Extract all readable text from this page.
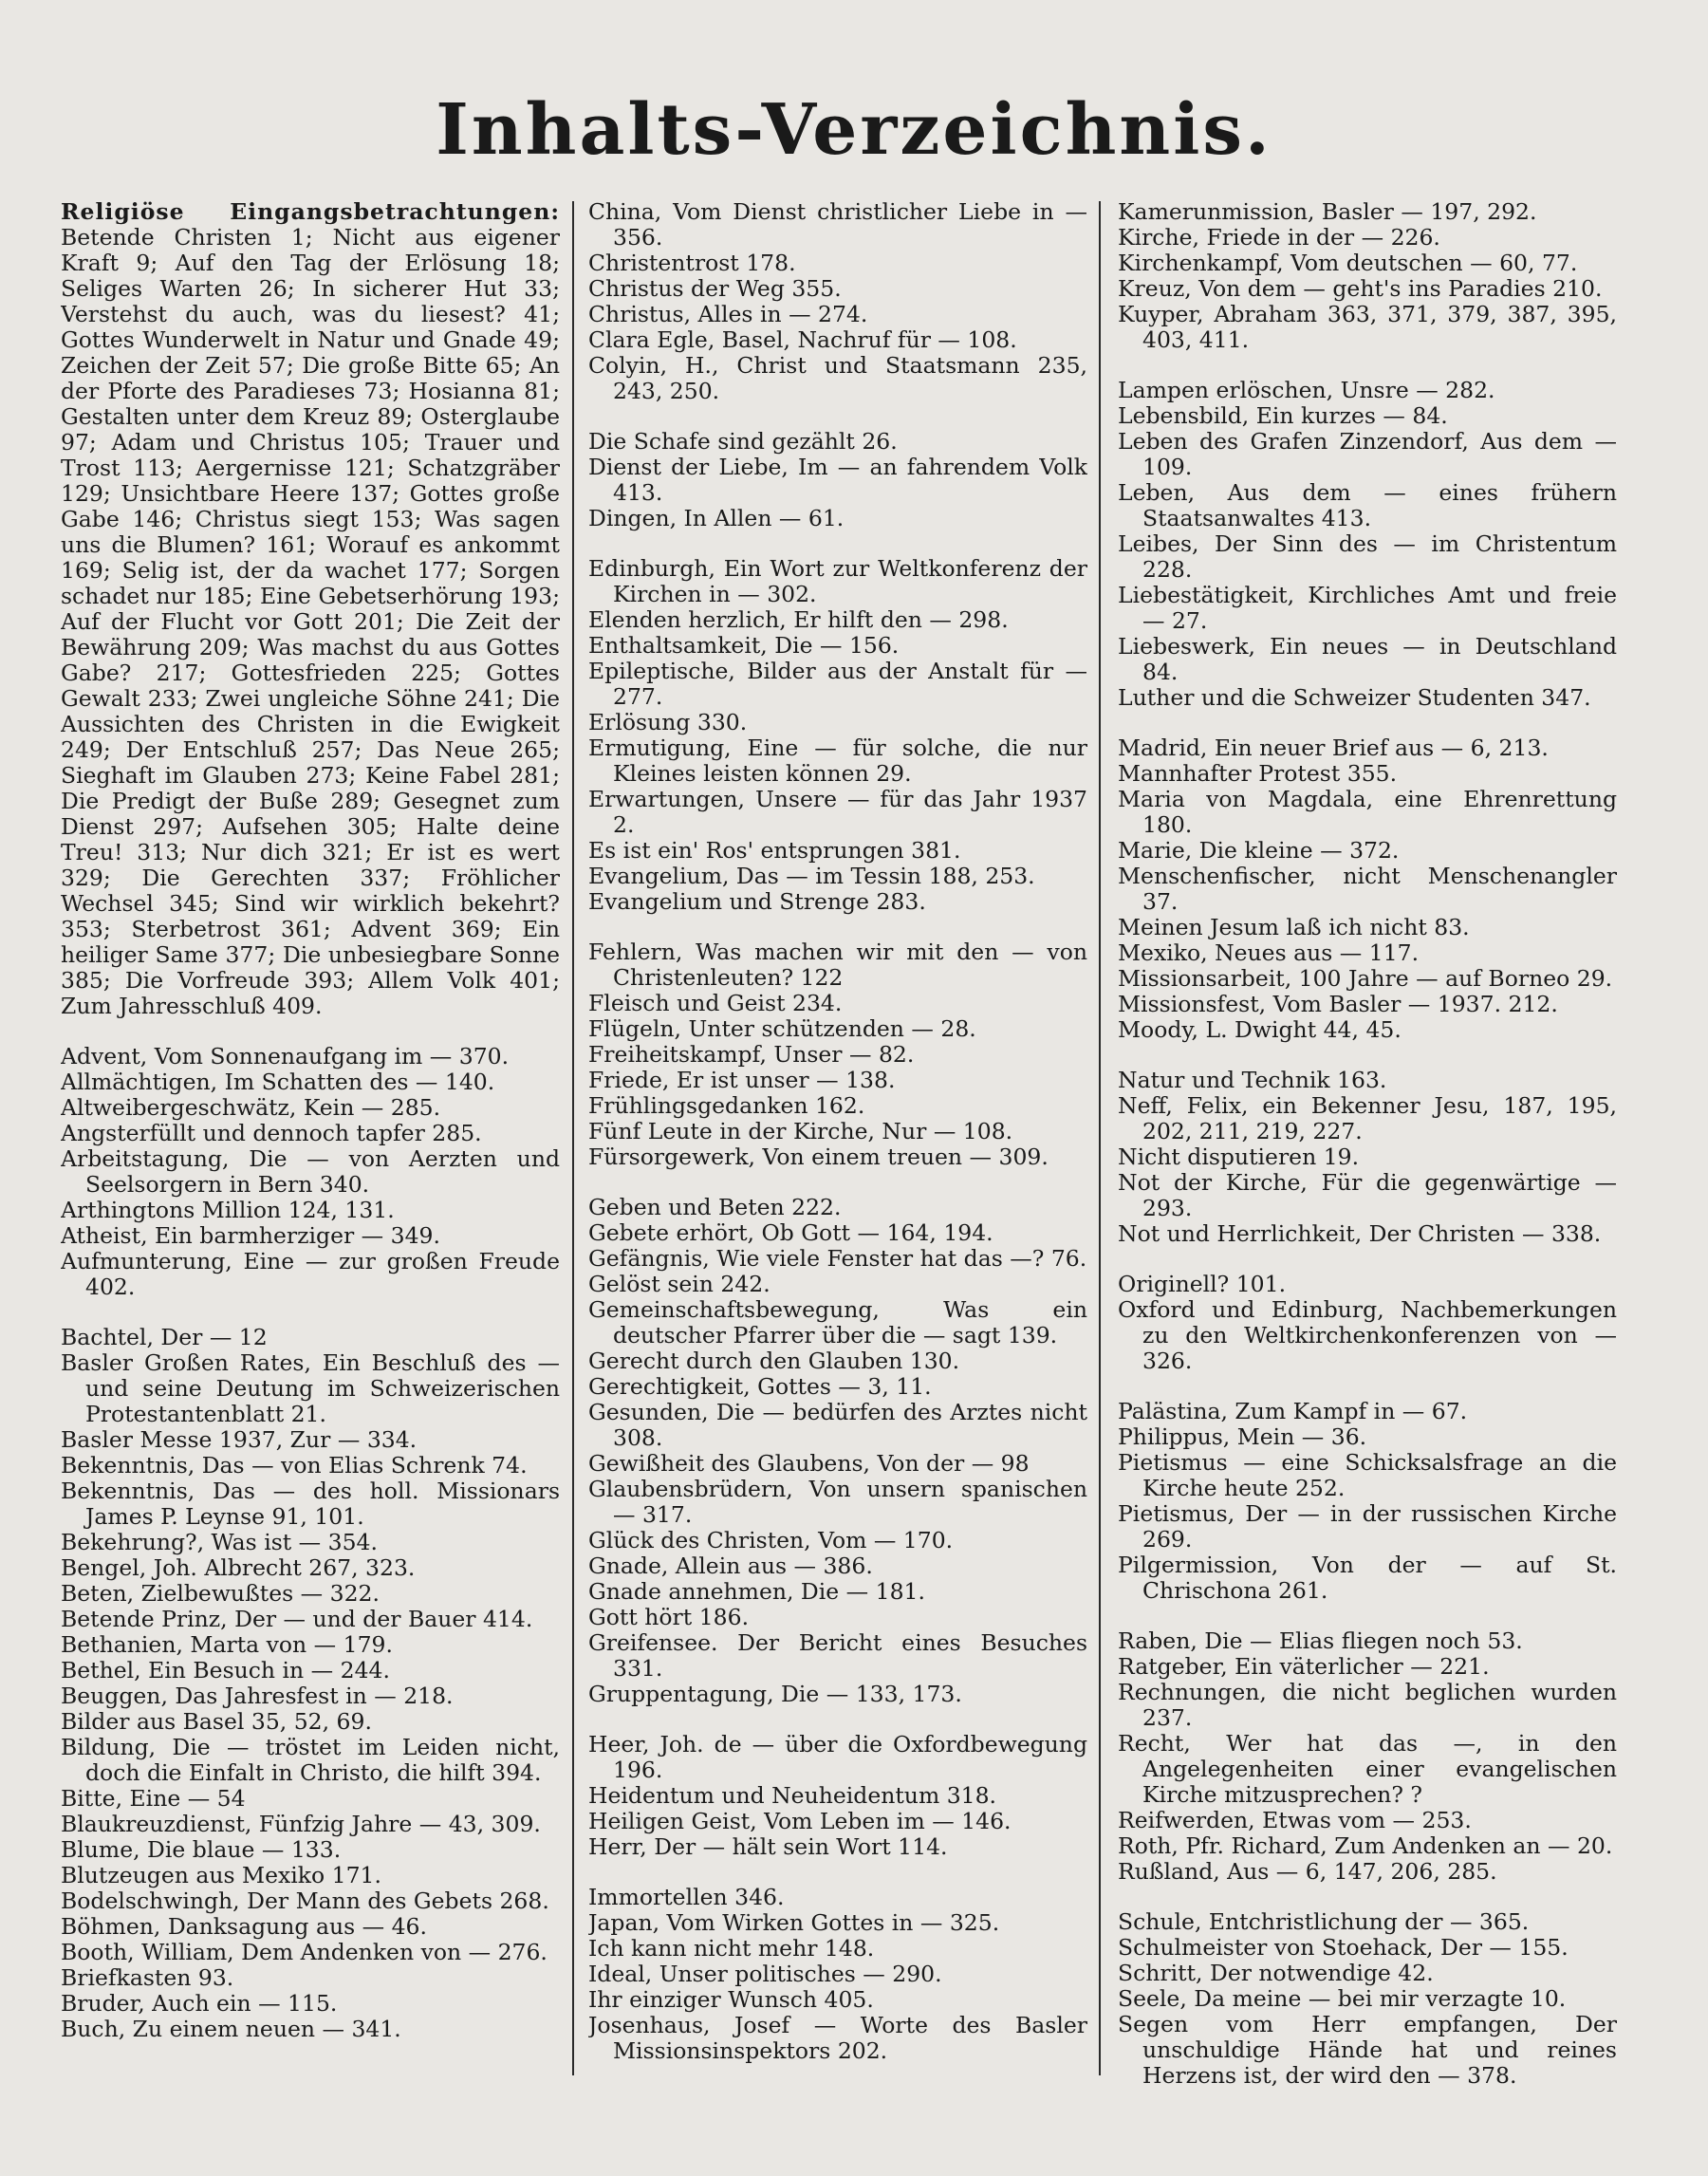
Inhalts-Verzeichnis.

Religiöse Eingangsbetrachtungen: Betende Christen 1; Nicht aus eigener Kraft 9; Auf den Tag der Erlösung 18; Seliges Warten 26; In sicherer Hut 33; Verstehst du auch, was du liesest? 41; Gottes Wunderwelt in Natur und Gnade 49; Zeichen der Zeit 57; Die große Bitte 65; An der Pforte des Paradieses 73; Hosianna 81; Gestalten unter dem Kreuz 89; Osterglaube 97; Adam und Christus 105; Trauer und Trost 113; Aergernisse 121; Schatzgräber 129; Unsichtbare Heere 137; Gottes große Gabe 146; Christus siegt 153; Was sagen uns die Blumen? 161; Worauf es ankommt 169; Selig ist, der da wachet 177; Sorgen schadet nur 185; Eine Gebetserhörung 193; Auf der Flucht vor Gott 201; Die Zeit der Bewährung 209; Was machst du aus Gottes Gabe? 217; Gottesfrieden 225; Gottes Gewalt 233; Zwei ungleiche Söhne 241; Die Aussichten des Christen in die Ewigkeit 249; Der Entschluß 257; Das Neue 265; Sieghaft im Glauben 273; Keine Fabel 281; Die Predigt der Buße 289; Gesegnet zum Dienst 297; Aufsehen 305; Halte deine Treu! 313; Nur dich 321; Er ist es wert 329; Die Gerechten 337; Fröhlicher Wechsel 345; Sind wir wirklich bekehrt? 353; Sterbetrost 361; Advent 369; Ein heiliger Same 377; Die unbesiegbare Sonne 385; Die Vorfreude 393; Allem Volk 401; Zum Jahresschluß 409.

Advent, Vom Sonnenaufgang im — 370.

Allmächtigen, Im Schatten des — 140.

Altweibergeschwätz, Kein — 285.

Angsterfüllt und dennoch tapfer 285.

Arbeitstagung, Die — von Aerzten und Seelsorgern in Bern 340.

Arthingtons Million 124, 131.

Atheist, Ein barmherziger — 349.

Aufmunterung, Eine — zur großen Freude 402.

Bachtel, Der — 12

Basler Großen Rates, Ein Beschluß des — und seine Deutung im Schweizerischen Protestantenblatt 21.

Basler Messe 1937, Zur — 334.

Bekenntnis, Das — von Elias Schrenk 74.

Bekenntnis, Das — des holl. Missionars James P. Leynse 91, 101.

Bekehrung?, Was ist — 354.

Bengel, Joh. Albrecht 267, 323.

Beten, Zielbewußtes — 322.

Betende Prinz, Der — und der Bauer 414.

Bethanien, Marta von — 179.

Bethel, Ein Besuch in — 244.

Beuggen, Das Jahresfest in — 218.

Bilder aus Basel 35, 52, 69.

Bildung, Die — tröstet im Leiden nicht, doch die Einfalt in Christo, die hilft 394.

Bitte, Eine — 54

Blaukreuzdienst, Fünfzig Jahre — 43, 309.

Blume, Die blaue — 133.

Blutzeugen aus Mexiko 171.

Bodelschwingh, Der Mann des Gebets 268.

Böhmen, Danksagung aus — 46.

Booth, William, Dem Andenken von — 276.

Briefkasten 93.

Bruder, Auch ein — 115.

Buch, Zu einem neuen — 341.

China, Vom Dienst christlicher Liebe in — 356.

Christentrost 178.

Christus der Weg 355.

Christus, Alles in — 274.

Clara Egle, Basel, Nachruf für — 108.

Colyin, H., Christ und Staatsmann 235, 243, 250.

Die Schafe sind gezählt 26.

Dienst der Liebe, Im — an fahrendem Volk 413.

Dingen, In Allen — 61.

Edinburgh, Ein Wort zur Weltkonferenz der Kirchen in — 302.

Elenden herzlich, Er hilft den — 298.

Enthaltsamkeit, Die — 156.

Epileptische, Bilder aus der Anstalt für — 277.

Erlösung 330.

Ermutigung, Eine — für solche, die nur Kleines leisten können 29.

Erwartungen, Unsere — für das Jahr 1937 2.

Es ist ein' Ros' entsprungen 381.

Evangelium, Das — im Tessin 188, 253.

Evangelium und Strenge 283.

Fehlern, Was machen wir mit den — von Christenleuten? 122

Fleisch und Geist 234.

Flügeln, Unter schützenden — 28.

Freiheitskampf, Unser — 82.

Friede, Er ist unser — 138.

Frühlingsgedanken 162.

Fünf Leute in der Kirche, Nur — 108.

Fürsorgewerk, Von einem treuen — 309.

Geben und Beten 222.

Gebete erhört, Ob Gott — 164, 194.

Gefängnis, Wie viele Fenster hat das —? 76.

Gelöst sein 242.

Gemeinschaftsbewegung, Was ein deutscher Pfarrer über die — sagt 139.

Gerecht durch den Glauben 130.

Gerechtigkeit, Gottes — 3, 11.

Gesunden, Die — bedürfen des Arztes nicht 308.

Gewißheit des Glaubens, Von der — 98

Glaubensbrüdern, Von unsern spanischen — 317.

Glück des Christen, Vom — 170.

Gnade, Allein aus — 386.

Gnade annehmen, Die — 181.

Gott hört 186.

Greifensee. Der Bericht eines Besuches 331.

Gruppentagung, Die — 133, 173.

Heer, Joh. de — über die Oxfordbewegung 196.

Heidentum und Neuheidentum 318.

Heiligen Geist, Vom Leben im — 146.

Herr, Der — hält sein Wort 114.

Immortellen 346.

Japan, Vom Wirken Gottes in — 325.

Ich kann nicht mehr 148.

Ideal, Unser politisches — 290.

Ihr einziger Wunsch 405.

Josenhaus, Josef — Worte des Basler Missionsinspektors 202.

Kamerunmission, Basler — 197, 292.

Kirche, Friede in der — 226.

Kirchenkampf, Vom deutschen — 60, 77.

Kreuz, Von dem — geht's ins Paradies 210.

Kuyper, Abraham 363, 371, 379, 387, 395, 403, 411.

Lampen erlöschen, Unsre — 282.

Lebensbild, Ein kurzes — 84.

Leben des Grafen Zinzendorf, Aus dem — 109.

Leben, Aus dem — eines frühern Staatsanwaltes 413.

Leibes, Der Sinn des — im Christentum 228.

Liebestätigkeit, Kirchliches Amt und freie — 27.

Liebeswerk, Ein neues — in Deutschland 84.

Luther und die Schweizer Studenten 347.

Madrid, Ein neuer Brief aus — 6, 213.

Mannhafter Protest 355.

Maria von Magdala, eine Ehrenrettung 180.

Marie, Die kleine — 372.

Menschenfischer, nicht Menschenangler 37.

Meinen Jesum laß ich nicht 83.

Mexiko, Neues aus — 117.

Missionsarbeit, 100 Jahre — auf Borneo 29.

Missionsfest, Vom Basler — 1937. 212.

Moody, L. Dwight 44, 45.

Natur und Technik 163.

Neff, Felix, ein Bekenner Jesu, 187, 195, 202, 211, 219, 227.

Nicht disputieren 19.

Not der Kirche, Für die gegenwärtige — 293.

Not und Herrlichkeit, Der Christen — 338.

Originell? 101.

Oxford und Edinburg, Nachbemerkungen zu den Weltkirchenkonferenzen von — 326.

Palästina, Zum Kampf in — 67.

Philippus, Mein — 36.

Pietismus — eine Schicksalsfrage an die Kirche heute 252.

Pietismus, Der — in der russischen Kirche 269.

Pilgermission, Von der — auf St. Chrischona 261.

Raben, Die — Elias fliegen noch 53.

Ratgeber, Ein väterlicher — 221.

Rechnungen, die nicht beglichen wurden 237.

Recht, Wer hat das —, in den Angelegenheiten einer evangelischen Kirche mitzusprechen? ?

Reifwerden, Etwas vom — 253.

Roth, Pfr. Richard, Zum Andenken an — 20.

Rußland, Aus — 6, 147, 206, 285.

Schule, Entchristlichung der — 365.

Schulmeister von Stoehack, Der — 155.

Schritt, Der notwendige 42.

Seele, Da meine — bei mir verzagte 10.

Segen vom Herr empfangen, Der unschuldige Hände hat und reines Herzens ist, der wird den — 378.
